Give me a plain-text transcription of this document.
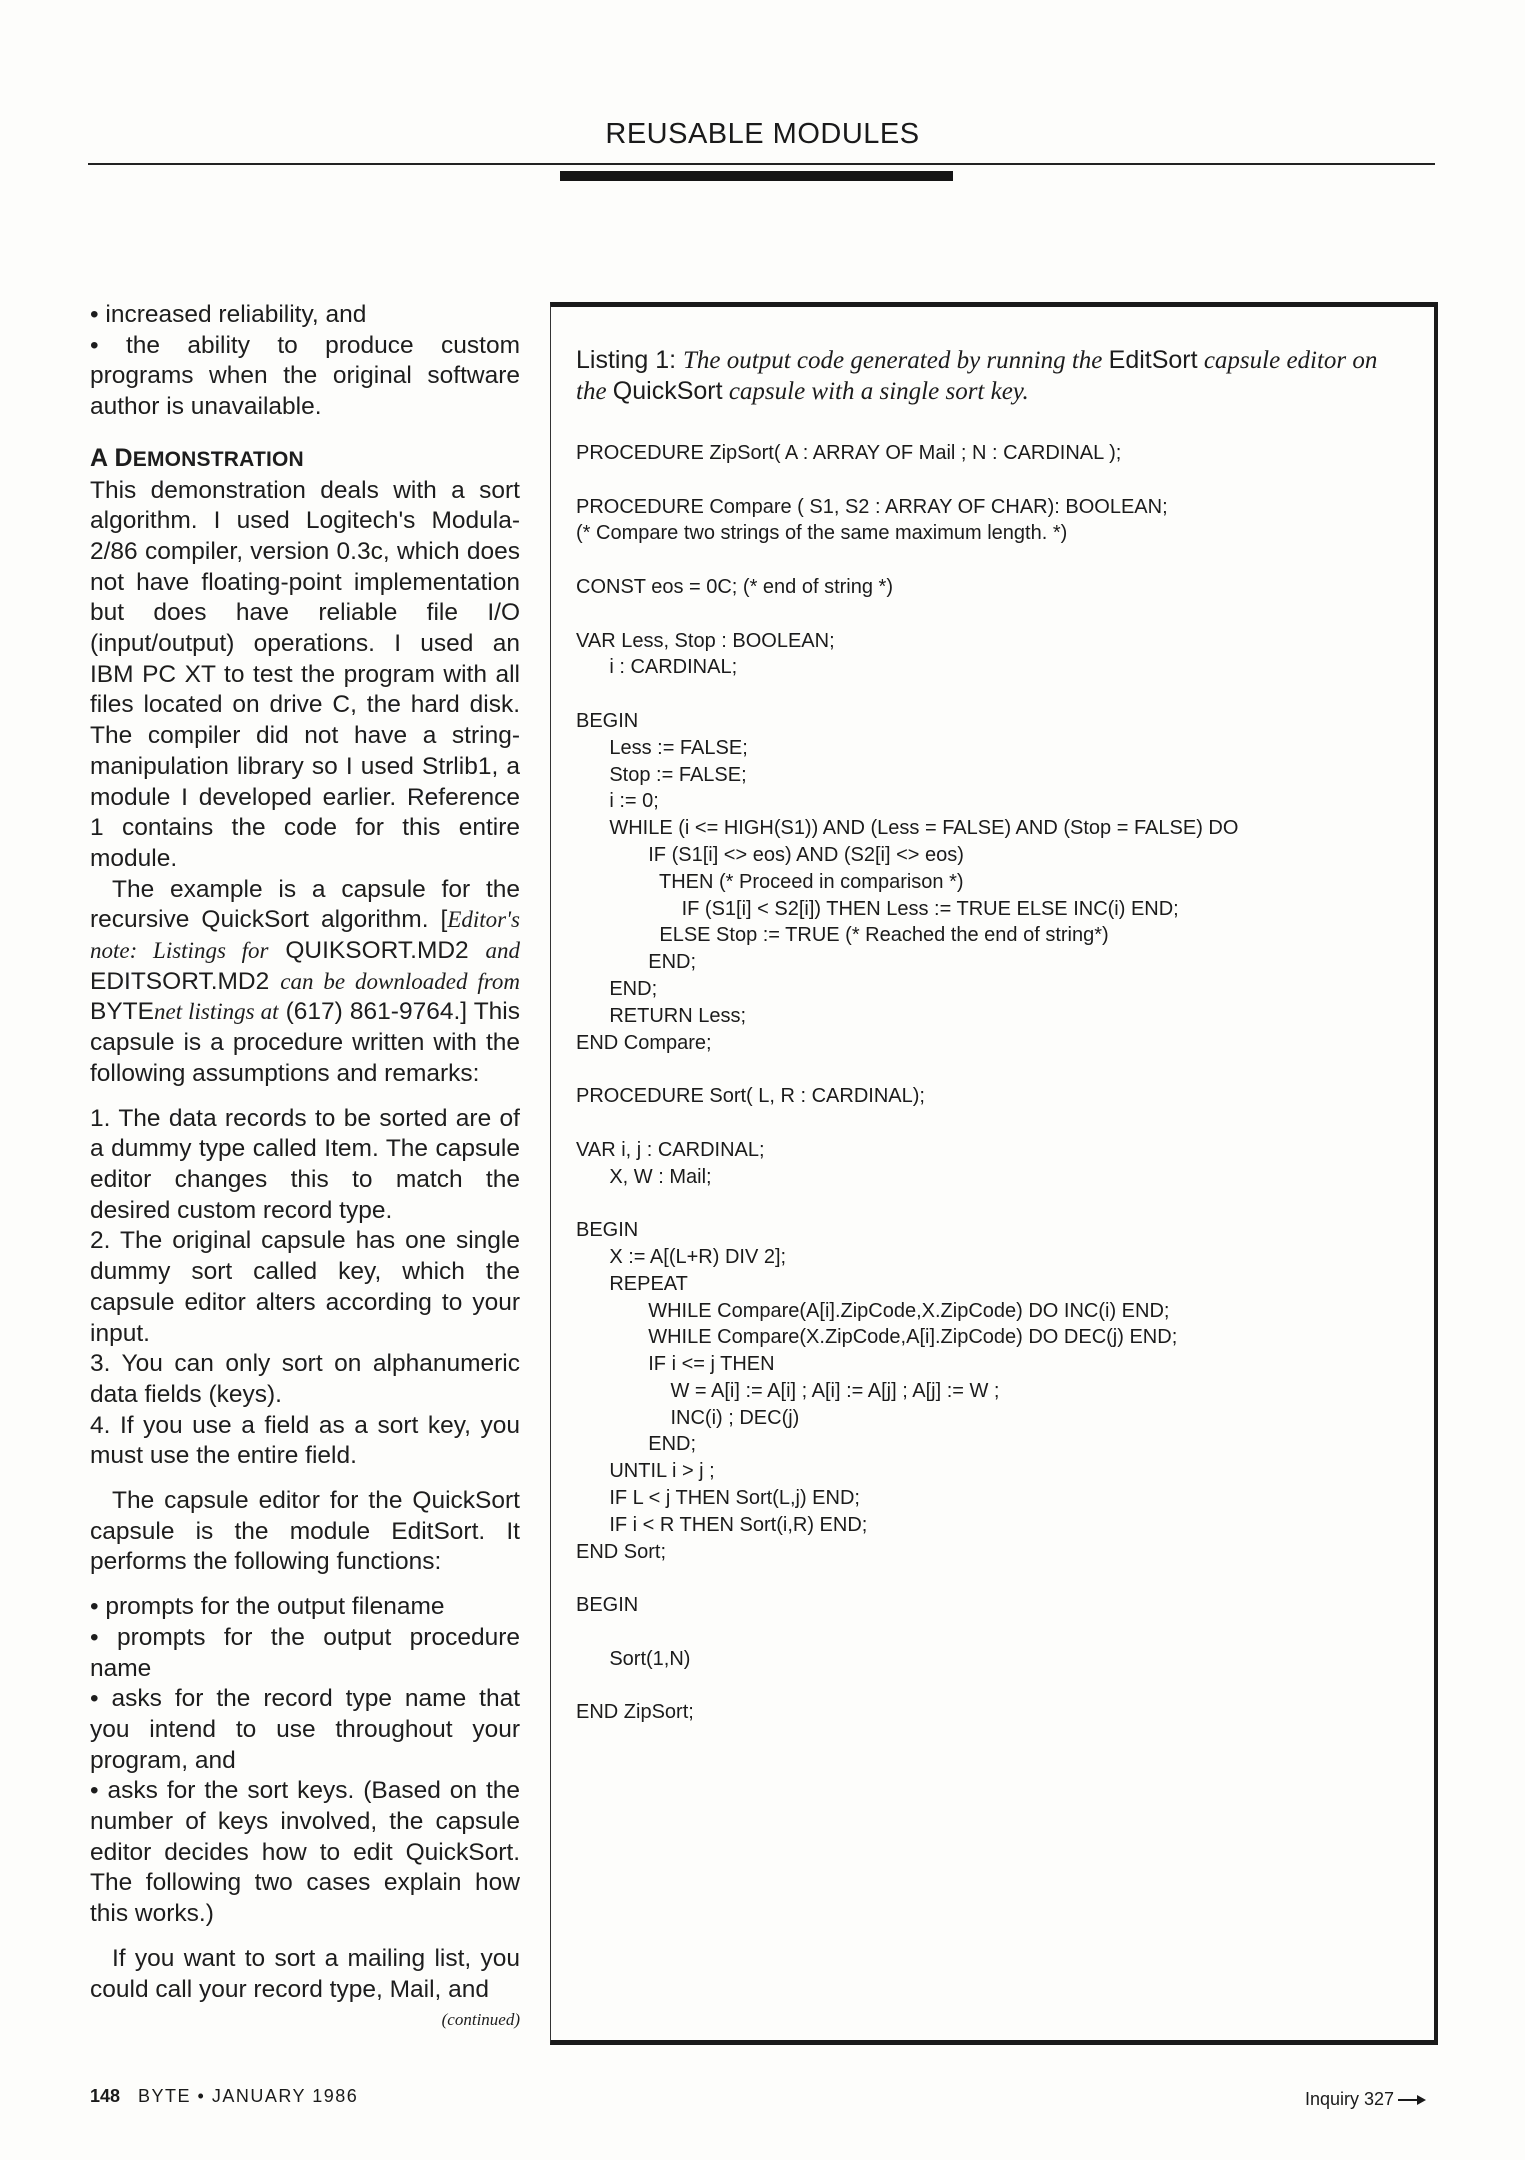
REUSABLE MODULES
• increased reliability, and
• the ability to produce custom programs when the original software author is unavailable.
A DEMONSTRATION

This demonstration deals with a sort algorithm. I used Logitech's Modula-2/86 compiler, version 0.3c, which does not have floating-point implementation but does have reliable file I/O (input/output) operations. I used an IBM PC XT to test the program with all files located on drive C, the hard disk. The compiler did not have a string-manipulation library so I used Strlib1, a module I developed earlier. Reference 1 contains the code for this entire module.

The example is a capsule for the recursive QuickSort algorithm. [Editor's note: Listings for QUIKSORT.MD2 and EDITSORT.MD2 can be downloaded from BYTEnet listings at (617) 861-9764.] This capsule is a procedure written with the following assumptions and remarks:

1. The data records to be sorted are of a dummy type called Item. The capsule editor changes this to match the desired custom record type.
2. The original capsule has one single dummy sort called key, which the capsule editor alters according to your input.
3. You can only sort on alphanumeric data fields (keys).
4. If you use a field as a sort key, you must use the entire field.

The capsule editor for the QuickSort capsule is the module EditSort. It performs the following functions:

• prompts for the output filename
• prompts for the output procedure name
• asks for the record type name that you intend to use throughout your program, and
• asks for the sort keys. (Based on the number of keys involved, the capsule editor decides how to edit QuickSort. The following two cases explain how this works.)

If you want to sort a mailing list, you could call your record type, Mail, and

(continued)
Listing 1: The output code generated by running the EditSort capsule editor on the QuickSort capsule with a single sort key.
PROCEDURE ZipSort( A : ARRAY OF Mail ; N : CARDINAL );
PROCEDURE Compare ( S1, S2 : ARRAY OF CHAR): BOOLEAN;
(* Compare two strings of the same maximum length. *)
CONST eos = 0C; (* end of string *)
VAR Less, Stop : BOOLEAN;
i : CARDINAL;
BEGIN
Less := FALSE;
Stop := FALSE;
i := 0;
WHILE (i <= HIGH(S1)) AND (Less = FALSE) AND (Stop = FALSE) DO
IF (S1[i] <> eos) AND (S2[i] <> eos)
THEN (* Proceed in comparison *)
IF (S1[i] < S2[i]) THEN Less := TRUE ELSE INC(i) END;
ELSE Stop := TRUE (* Reached the end of string*)
END;
END;
RETURN Less;
END Compare;
PROCEDURE Sort( L, R : CARDINAL);
VAR i, j : CARDINAL;
X, W : Mail;
BEGIN
X := A[(L+R) DIV 2];
REPEAT
WHILE Compare(A[i].ZipCode,X.ZipCode) DO INC(i) END;
WHILE Compare(X.ZipCode,A[i].ZipCode) DO DEC(j) END;
IF i <= j THEN
W = A[i] := A[i] ; A[i] := A[j] ; A[j] := W ;
INC(i) ; DEC(j)
END;
UNTIL i > j ;
IF L < j THEN Sort(L,j) END;
IF i < R THEN Sort(i,R) END;
END Sort;
BEGIN
Sort(1,N)
END ZipSort;
148 BYTE • JANUARY 1986	Inquiry 327
